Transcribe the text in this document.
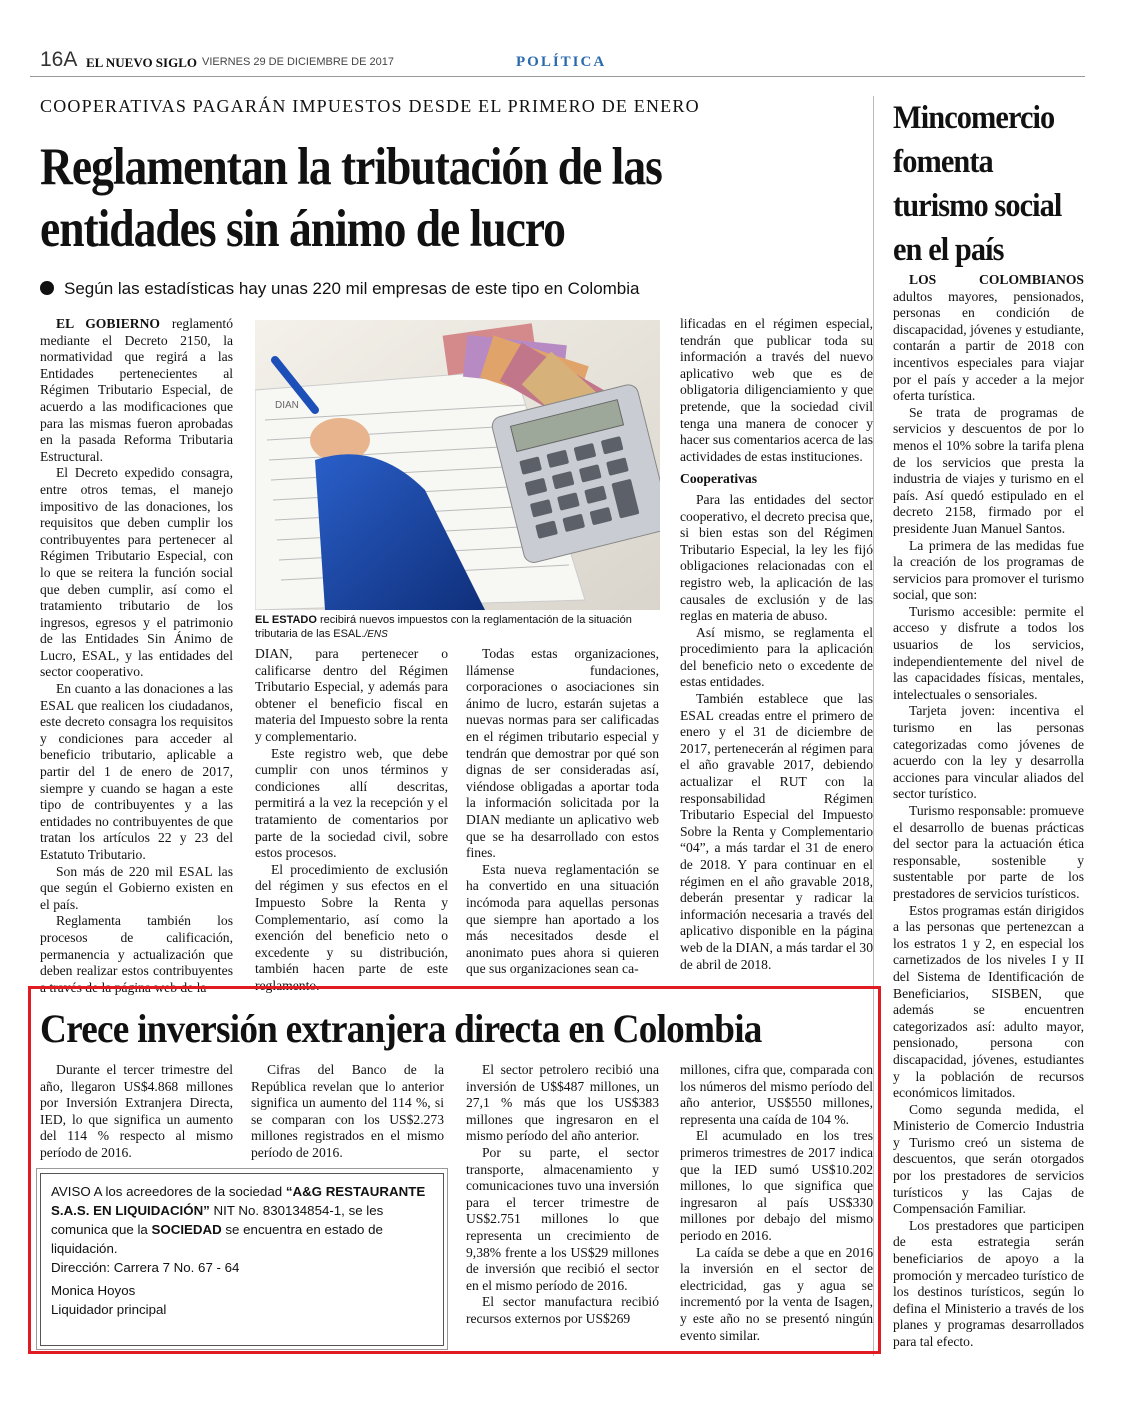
16A EL NUEVO SIGLO VIERNES 29 DE DICIEMBRE DE 2017	POLÍTICA
COOPERATIVAS PAGARÁN IMPUESTOS DESDE EL PRIMERO DE ENERO
Reglamentan la tributación de las entidades sin ánimo de lucro
Según las estadísticas hay unas 220 mil empresas de este tipo en Colombia

EL GOBIERNO reglamentó mediante el Decreto 2150, la normatividad que regirá a las Entidades pertenecientes al Régimen Tributario Especial, de acuerdo a las modificaciones que para las mismas fueron aprobadas en la pasada Reforma Tributaria Estructural.

El Decreto expedido consagra, entre otros temas, el manejo impositivo de las donaciones, los requisitos que deben cumplir los contribuyentes para pertenecer al Régimen Tributario Especial, con lo que se reitera la función social que deben cumplir, así como el tratamiento tributario de los ingresos, egresos y el patrimonio de las Entidades Sin Ánimo de Lucro, ESAL, y las entidades del sector cooperativo.

En cuanto a las donaciones a las ESAL que realicen los ciudadanos, este decreto consagra los requisitos y condiciones para acceder al beneficio tributario, aplicable a partir del 1 de enero de 2017, siempre y cuando se hagan a este tipo de contribuyentes y a las entidades no contribuyentes de que tratan los artículos 22 y 23 del Estatuto Tributario.

Son más de 220 mil ESAL las que según el Gobierno existen en el país.

Reglamenta también los procesos de calificación, permanencia y actualización que deben realizar estos contribuyentes a través de la página web de la

DIAN
EL ESTADO recibirá nuevos impuestos con la reglamentación de la situación tributaria de las ESAL./ENS

DIAN, para pertenecer o calificarse dentro del Régimen Tributario Especial, y además para obtener el beneficio fiscal en materia del Impuesto sobre la renta y complementario.

Este registro web, que debe cumplir con unos términos y condiciones allí descritas, permitirá a la vez la recepción y el tratamiento de comentarios por parte de la sociedad civil, sobre estos procesos.

El procedimiento de exclusión del régimen y sus efectos en el Impuesto Sobre la Renta y Complementario, así como la exención del beneficio neto o excedente y su distribución, también hacen parte de este reglamento.

Todas estas organizaciones, llámense fundaciones, corporaciones o asociaciones sin ánimo de lucro, estarán sujetas a nuevas normas para ser calificadas en el régimen tributario especial y tendrán que demostrar por qué son dignas de ser consideradas así, viéndose obligadas a aportar toda la información solicitada por la DIAN mediante un aplicativo web que se ha desarrollado con estos fines.

Esta nueva reglamentación se ha convertido en una situación incómoda para aquellas personas que siempre han aportado a los más necesitados desde el anonimato pues ahora si quieren que sus organizaciones sean ca-

lificadas en el régimen especial, tendrán que publicar toda su información a través del nuevo aplicativo web que es de obligatoria diligenciamiento y que pretende, que la sociedad civil tenga una manera de conocer y hacer sus comentarios acerca de las actividades de estas instituciones.

Cooperativas

Para las entidades del sector cooperativo, el decreto precisa que, si bien estas son del Régimen Tributario Especial, la ley les fijó obligaciones relacionadas con el registro web, la aplicación de las causales de exclusión y de las reglas en materia de abuso.

Así mismo, se reglamenta el procedimiento para la aplicación del beneficio neto o excedente de estas entidades.

También establece que las ESAL creadas entre el primero de enero y el 31 de diciembre de 2017, pertenecerán al régimen para el año gravable 2017, debiendo actualizar el RUT con la responsabilidad Régimen Tributario Especial del Impuesto Sobre la Renta y Complementario “04”, a más tardar el 31 de enero de 2018. Y para continuar en el régimen en el año gravable 2018, deberán presentar y radicar la información necesaria a través del aplicativo disponible en la página web de la DIAN, a más tardar el 30 de abril de 2018.

Mincomercio fomenta turismo social en el país

LOS COLOMBIANOS adultos mayores, pensionados, personas en condición de discapacidad, jóvenes y estudiante, contarán a partir de 2018 con incentivos especiales para viajar por el país y acceder a la mejor oferta turística.

Se trata de programas de servicios y descuentos de por lo menos el 10% sobre la tarifa plena de los servicios que presta la industria de viajes y turismo en el país. Así quedó estipulado en el decreto 2158, firmado por el presidente Juan Manuel Santos.

La primera de las medidas fue la creación de los programas de servicios para promover el turismo social, que son:

Turismo accesible: permite el acceso y disfrute a todos los usuarios de los servicios, independientemente del nivel de las capacidades físicas, mentales, intelectuales o sensoriales.

Tarjeta joven: incentiva el turismo en las personas categorizadas como jóvenes de acuerdo con la ley y desarrolla acciones para vincular aliados del sector turístico.

Turismo responsable: promueve el desarrollo de buenas prácticas del sector para la actuación ética responsable, sostenible y sustentable por parte de los prestadores de servicios turísticos.

Estos programas están dirigidos a las personas que pertenezcan a los estratos 1 y 2, en especial los carnetizados de los niveles I y II del Sistema de Identificación de Beneficiarios, SISBEN, que además se encuentren categorizados así: adulto mayor, pensionado, persona con discapacidad, jóvenes, estudiantes y la población de recursos económicos limitados.

Como segunda medida, el Ministerio de Comercio Industria y Turismo creó un sistema de descuentos, que serán otorgados por los prestadores de servicios turísticos y las Cajas de Compensación Familiar.

Los prestadores que participen de esta estrategia serán beneficiarios de apoyo a la promoción y mercadeo turístico de los destinos turísticos, según lo defina el Ministerio a través de los planes y programas desarrollados para tal efecto.

Crece inversión extranjera directa en Colombia

Durante el tercer trimestre del año, llegaron US$4.868 millones por Inversión Extranjera Directa, IED, lo que significa un aumento del 114 % respecto al mismo período de 2016.

Cifras del Banco de la República revelan que lo anterior significa un aumento del 114 %, si se comparan con los US$2.273 millones registrados en el mismo período de 2016.

El sector petrolero recibió una inversión de U$$487 millones, un 27,1 % más que los US$383 millones que ingresaron en el mismo período del año anterior.

Por su parte, el sector transporte, almacenamiento y comunicaciones tuvo una inversión para el tercer trimestre de US$2.751 millones lo que representa un crecimiento de 9,38% frente a los US$29 millones de inversión que recibió el sector en el mismo período de 2016.

El sector manufactura recibió recursos externos por US$269

millones, cifra que, comparada con los números del mismo período del año anterior, US$550 millones, representa una caída de 104 %.

El acumulado en los tres primeros trimestres de 2017 indica que la IED sumó US$10.202 millones, lo que significa que ingresaron al país US$330 millones por debajo del mismo periodo en 2016.

La caída se debe a que en 2016 la inversión en el sector de electricidad, gas y agua se incrementó por la venta de Isagen, y este año no se presentó ningún evento similar.

AVISO A los acreedores de la sociedad “A&G RESTAURANTE S.A.S. EN LIQUIDACIÓN” NIT No. 830134854-1, se les comunica que la SOCIEDAD se encuentra en estado de liquidación.
Dirección: Carrera 7 No. 67 - 64
Monica Hoyos
Liquidador principal
